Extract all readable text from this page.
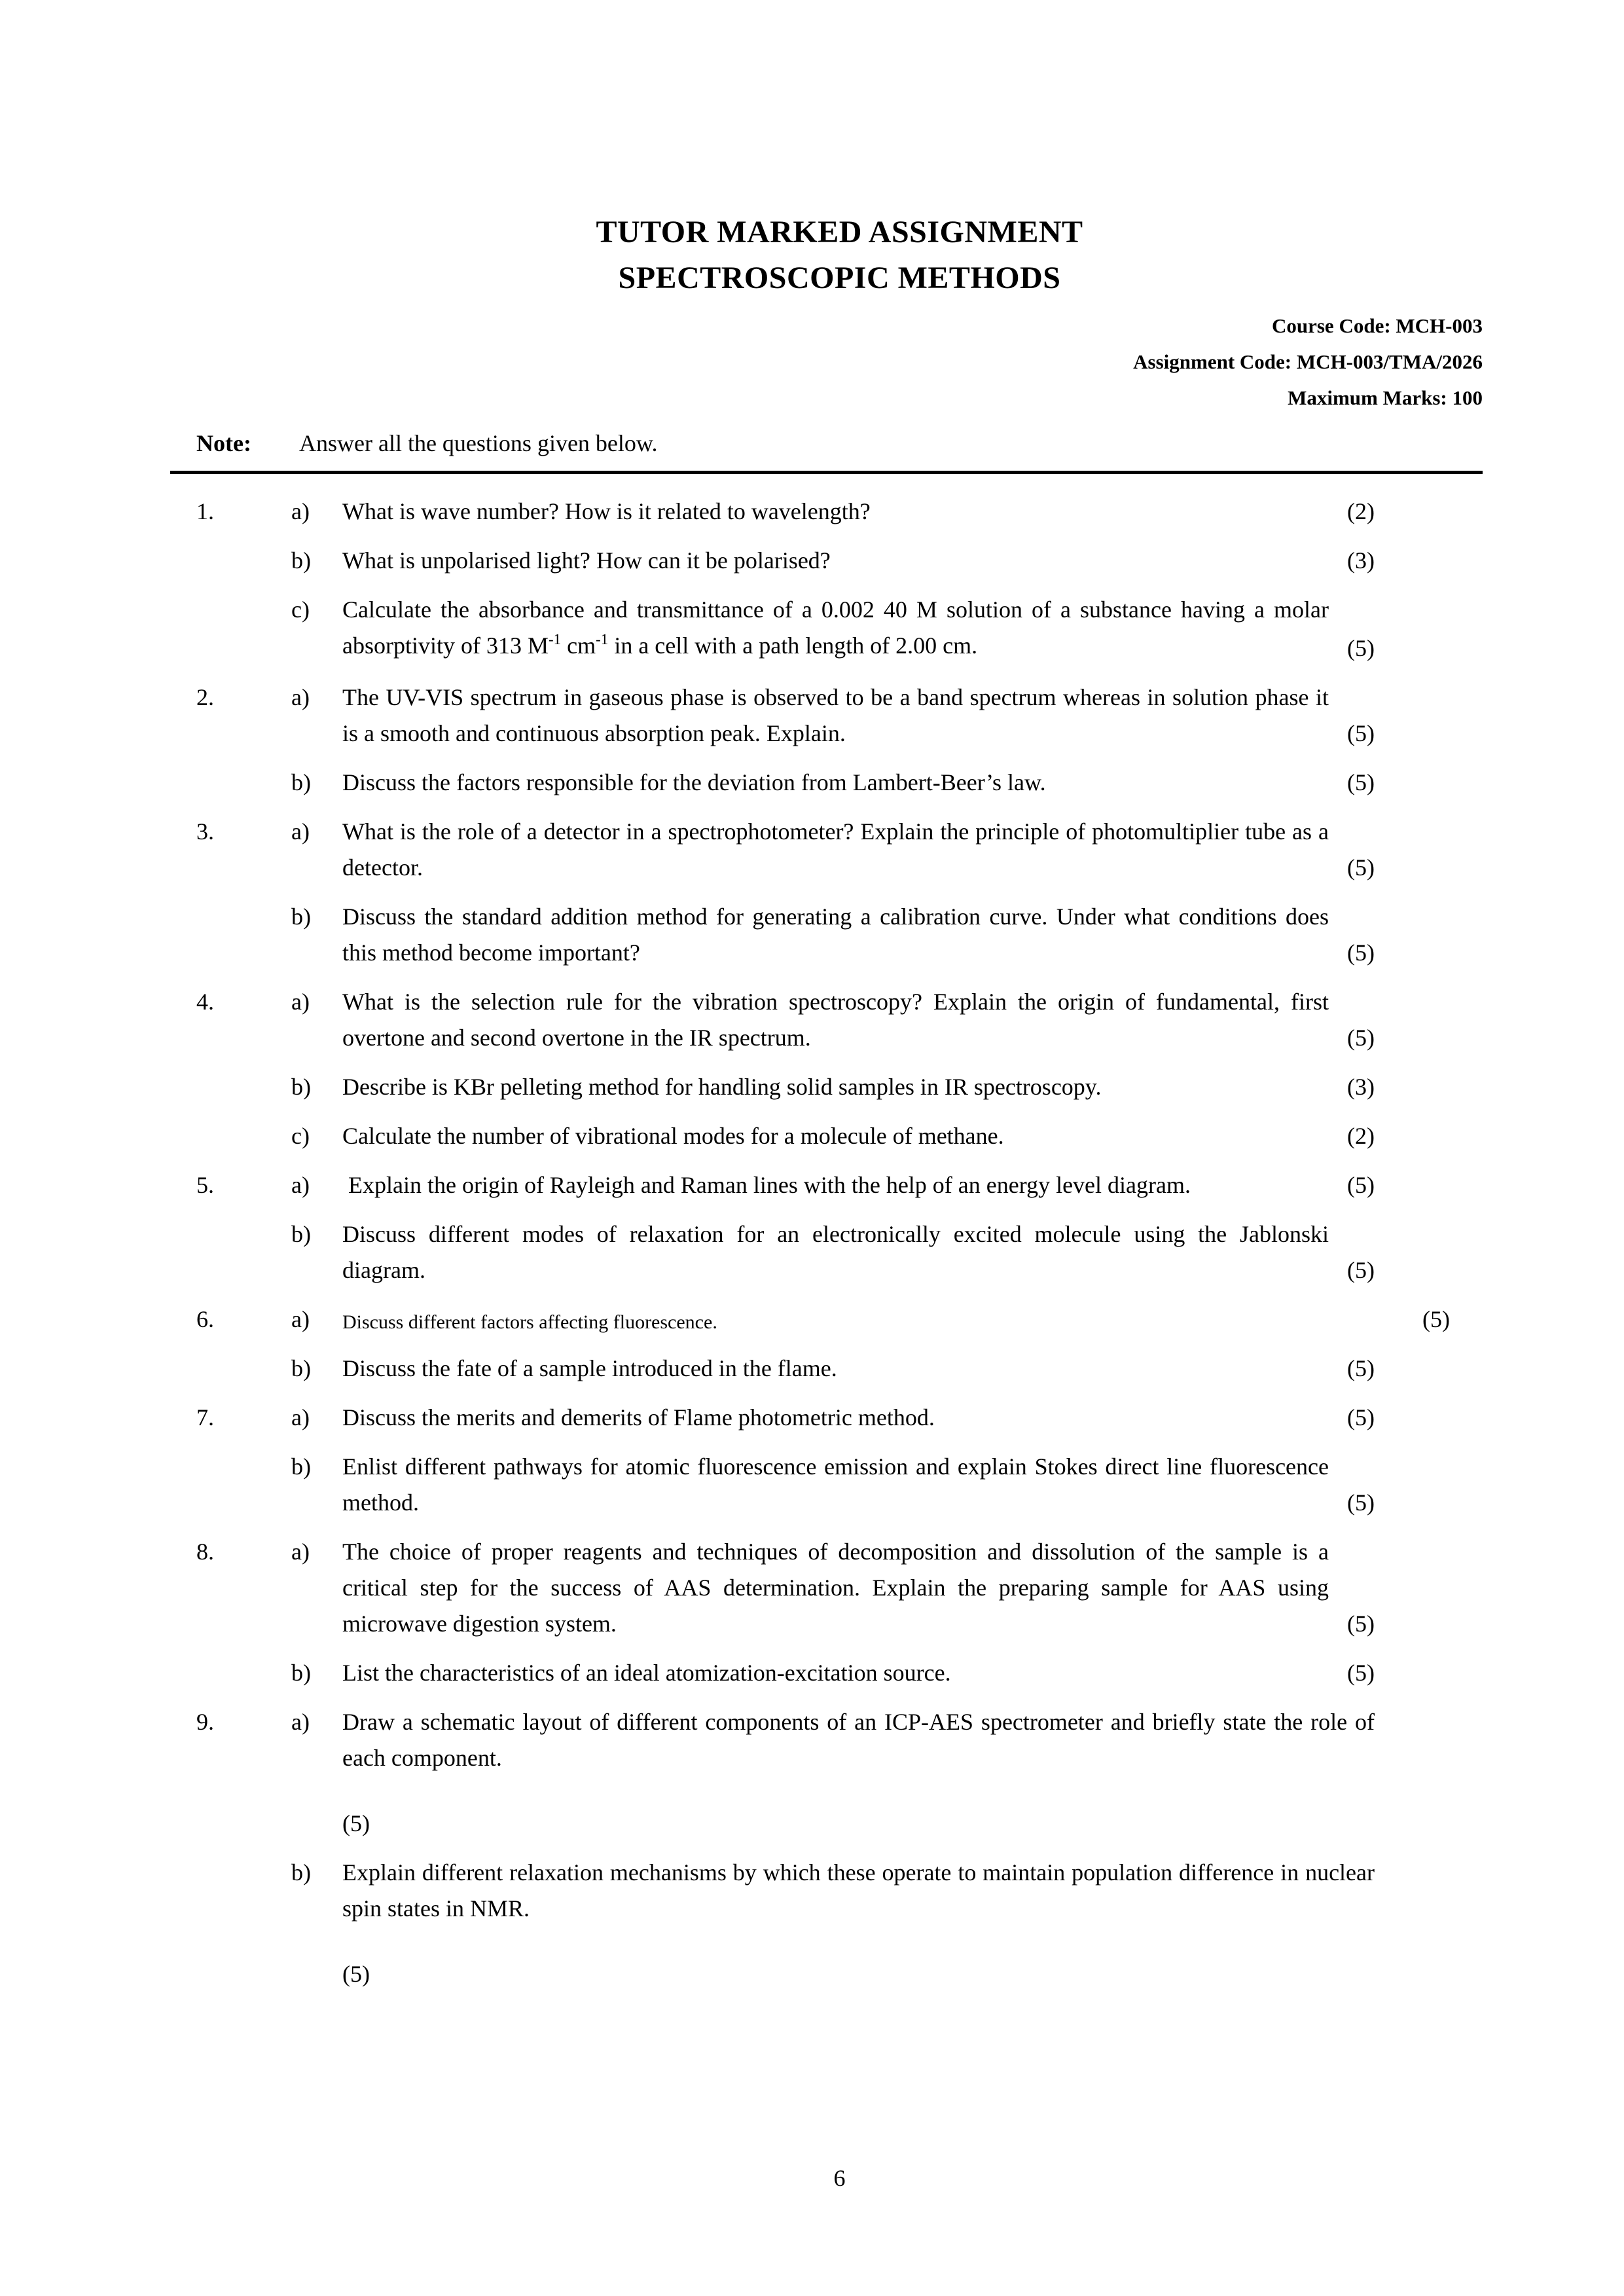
TUTOR MARKED ASSIGNMENT
SPECTROSCOPIC METHODS
Course Code: MCH-003
Assignment Code: MCH-003/TMA/2026
Maximum Marks: 100
Note:	Answer all the questions given below.
1.	a)	What is wave number? How is it related to wavelength?	(2)
b)	What is unpolarised light? How can it be polarised?	(3)
c)	Calculate the absorbance and transmittance of a 0.002 40 M solution of a substance having a molar absorptivity of 313 $M^{-1}$ $cm^{-1}$ in a cell with a path length of 2.00 cm.	(5)
2.	a)	The UV-VIS spectrum in gaseous phase is observed to be a band spectrum whereas in solution phase it is a smooth and continuous absorption peak. Explain.	(5)
b)	Discuss the factors responsible for the deviation from Lambert-Beer’s law.	(5)
3.	a)	What is the role of a detector in a spectrophotometer? Explain the principle of photomultiplier tube as a detector.	(5)
b)	Discuss the standard addition method for generating a calibration curve. Under what conditions does this method become important?	(5)
4.	a)	What is the selection rule for the vibration spectroscopy? Explain the origin of fundamental, first overtone and second overtone in the IR spectrum.	(5)
b)	Describe is KBr pelleting method for handling solid samples in IR spectroscopy.	(3)
c)	Calculate the number of vibrational modes for a molecule of methane.	(2)
5.	a)	Explain the origin of Rayleigh and Raman lines with the help of an energy level diagram.	(5)
b)	Discuss different modes of relaxation for an electronically excited molecule using the Jablonski diagram.	(5)
6.	a)	Discuss different factors affecting fluorescence.	(5)
b)	Discuss the fate of a sample introduced in the flame.	(5)
7.	a)	Discuss the merits and demerits of Flame photometric method.	(5)
b)	Enlist different pathways for atomic fluorescence emission and explain Stokes direct line fluorescence method.	(5)
8.	a)	The choice of proper reagents and techniques of decomposition and dissolution of the sample is a critical step for the success of AAS determination. Explain the preparing sample for AAS using microwave digestion system.	(5)
b)	List the characteristics of an ideal atomization-excitation source.	(5)
9.	a)	Draw a schematic layout of different components of an ICP-AES spectrometer and briefly state the role of each component.
(5)
b)	Explain different relaxation mechanisms by which these operate to maintain population difference in nuclear spin states in NMR.
(5)
6
